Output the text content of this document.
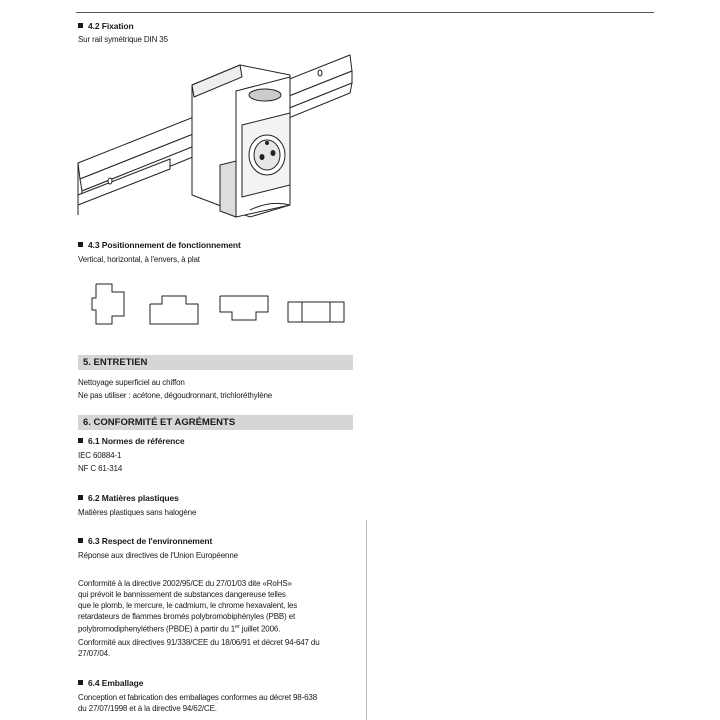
4.2 Fixation
Sur rail symétrique DIN 35
4.3 Positionnement de fonctionnement
Vertical, horizontal, à l'envers, à plat
5. ENTRETIEN
Nettoyage superficiel au chiffon
Ne pas utiliser : acétone, dégoudronnant, trichloréthylène
6. CONFORMITÉ ET AGRÉMENTS
6.1 Normes de référence
IEC 60884-1
NF C 61-314
6.2 Matières plastiques
Matières plastiques sans halogène
6.3 Respect de l'environnement
Réponse aux directives de l'Union Européenne
Conformité à la directive 2002/95/CE du 27/01/03 dite «RoHS»
qui prévoit le bannissement de substances dangereuse telles
que le plomb, le mercure, le cadmium, le chrome hexavalent, les
retardateurs de flammes bromés polybromobiphényles (PBB) et
polybromodiphenyléthers (PBDE) à partir du 1er juillet 2006.
Conformité aux directives 91/338/CEE du 18/06/91 et décret 94-647 du
27/07/04.
6.4 Emballage
Conception et fabrication des emballages conformes au décret 98-638
du 27/07/1998 et à la directive 94/62/CE.
